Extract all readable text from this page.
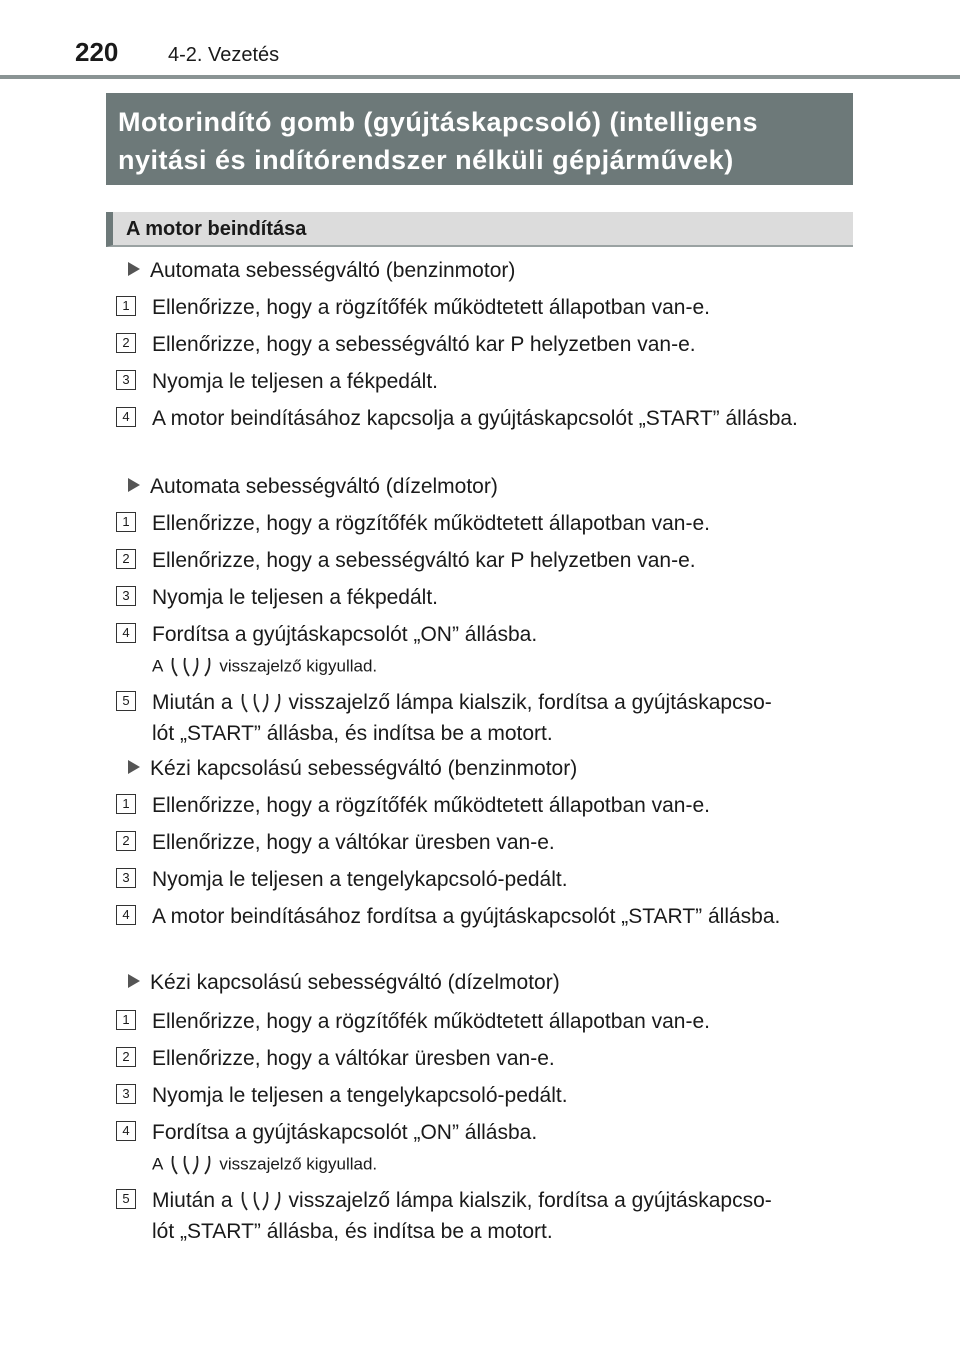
220 4-2. Vezetés
Motorindító gomb (gyújtáskapcsoló) (intelligens
nyitási és indítórendszer nélküli gépjárművek)
A motor beindítása
Automata sebességváltó (benzinmotor)
1	Ellenőrizze, hogy a rögzítőfék működtetett állapotban van-e.
2	Ellenőrizze, hogy a sebességváltó kar P helyzetben van-e.
3	Nyomja le teljesen a fékpedált.
4	A motor beindításához kapcsolja a gyújtáskapcsolót „START” állásba.
Automata sebességváltó (dízelmotor)
1	Ellenőrizze, hogy a rögzítőfék működtetett állapotban van-e.
2	Ellenőrizze, hogy a sebességváltó kar P helyzetben van-e.
3	Nyomja le teljesen a fékpedált.
4	Fordítsa a gyújtáskapcsolót „ON” állásba.
A	visszajelző kigyullad.
5	Miután a	visszajelző lámpa kialszik, fordítsa a gyújtáskapcso-
lót „START” állásba, és indítsa be a motort.
Kézi kapcsolású sebességváltó (benzinmotor)
1	Ellenőrizze, hogy a rögzítőfék működtetett állapotban van-e.
2	Ellenőrizze, hogy a váltókar üresben van-e.
3	Nyomja le teljesen a tengelykapcsoló-pedált.
4	A motor beindításához fordítsa a gyújtáskapcsolót „START” állásba.
Kézi kapcsolású sebességváltó (dízelmotor)
1	Ellenőrizze, hogy a rögzítőfék működtetett állapotban van-e.
2	Ellenőrizze, hogy a váltókar üresben van-e.
3	Nyomja le teljesen a tengelykapcsoló-pedált.
4	Fordítsa a gyújtáskapcsolót „ON” állásba.
A	visszajelző kigyullad.
5	Miután a	visszajelző lámpa kialszik, fordítsa a gyújtáskapcso-
lót „START” állásba, és indítsa be a motort.
